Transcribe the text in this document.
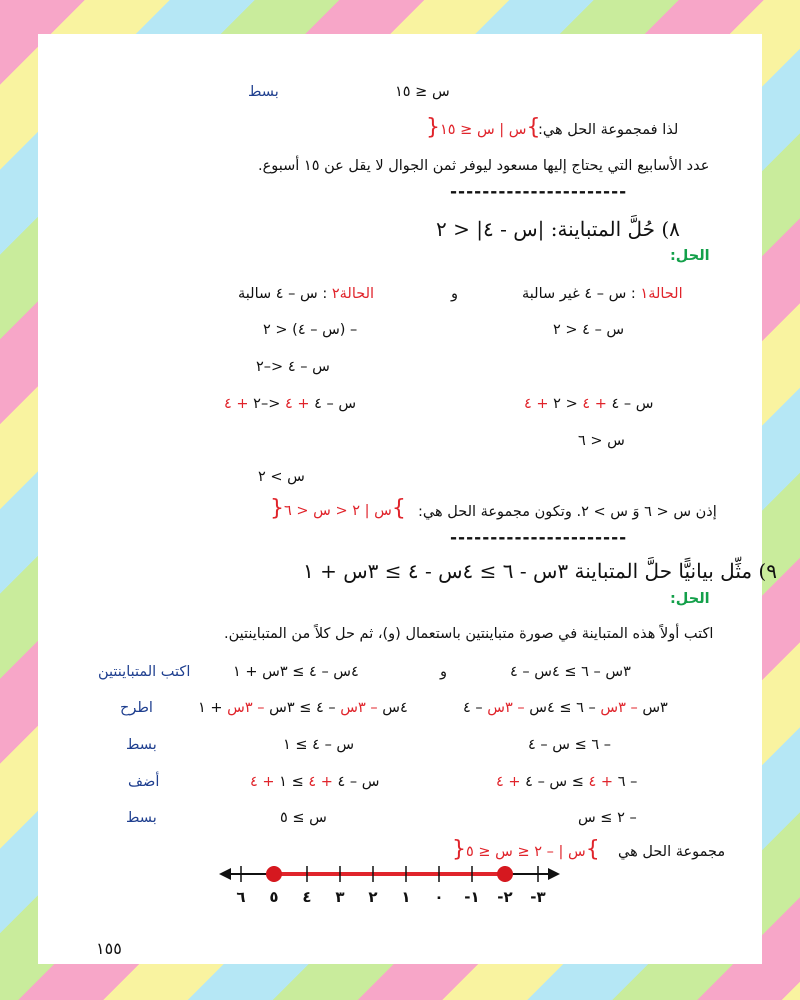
س ≤ ١٥
بسط
لذا فمجموعة الحل هي:
}س | س ≤ ١٥{
عدد الأسابيع التي يحتاج إليها مسعود ليوفر ثمن الجوال لا يقل عن ١٥ أسبوع.
----------------------
٨) حُلَّ المتباينة: |س - ٤| < ٢
الحل:
الحالة١ : س – ٤ غير سالبة
و
الحالة٢ : س – ٤ سالبة
س – ٤ < ٢
– (س – ٤) < ٢
س – ٤ <–٢
س – ٤ + ٤ < ٢ + ٤
س – ٤ + ٤ <–٢ + ٤
س < ٦
س > ٢
إذن س < ٦ وَ س > ٢. وتكون مجموعة الحل هي:
}س | ٢ < س < ٦{
----------------------
٩) مثِّل بيانيًّا حلَّ المتباينة ٣س - ٦ ≥ ٤س - ٤ ≥ ٣س + ١
الحل:
اكتب أولاً هذه المتباينة في صورة متباينتين باستعمال (و)، ثم حل كلاً من المتباينتين.
٣س – ٦ ≥ ٤س – ٤
و
٤س – ٤ ≥ ٣س + ١
اكتب المتباينتين
٣س – ٣س – ٦ ≥ ٤س – ٣س – ٤
٤س – ٣س – ٤ ≥ ٣س – ٣س + ١
اطرح
– ٦ ≥ س – ٤
س – ٤ ≥ ١
بسط
– ٦ + ٤ ≥ س – ٤ + ٤
س – ٤ + ٤ ≥ ١ + ٤
أضف
– ٢ ≥ س
س ≥ ٥
بسط
مجموعة الحل هي
}س | – ٢ ≤ س ≤ ٥{
-٣
-٢
-١
٠
١
٢
٣
٤
٥
٦
١٥٥
